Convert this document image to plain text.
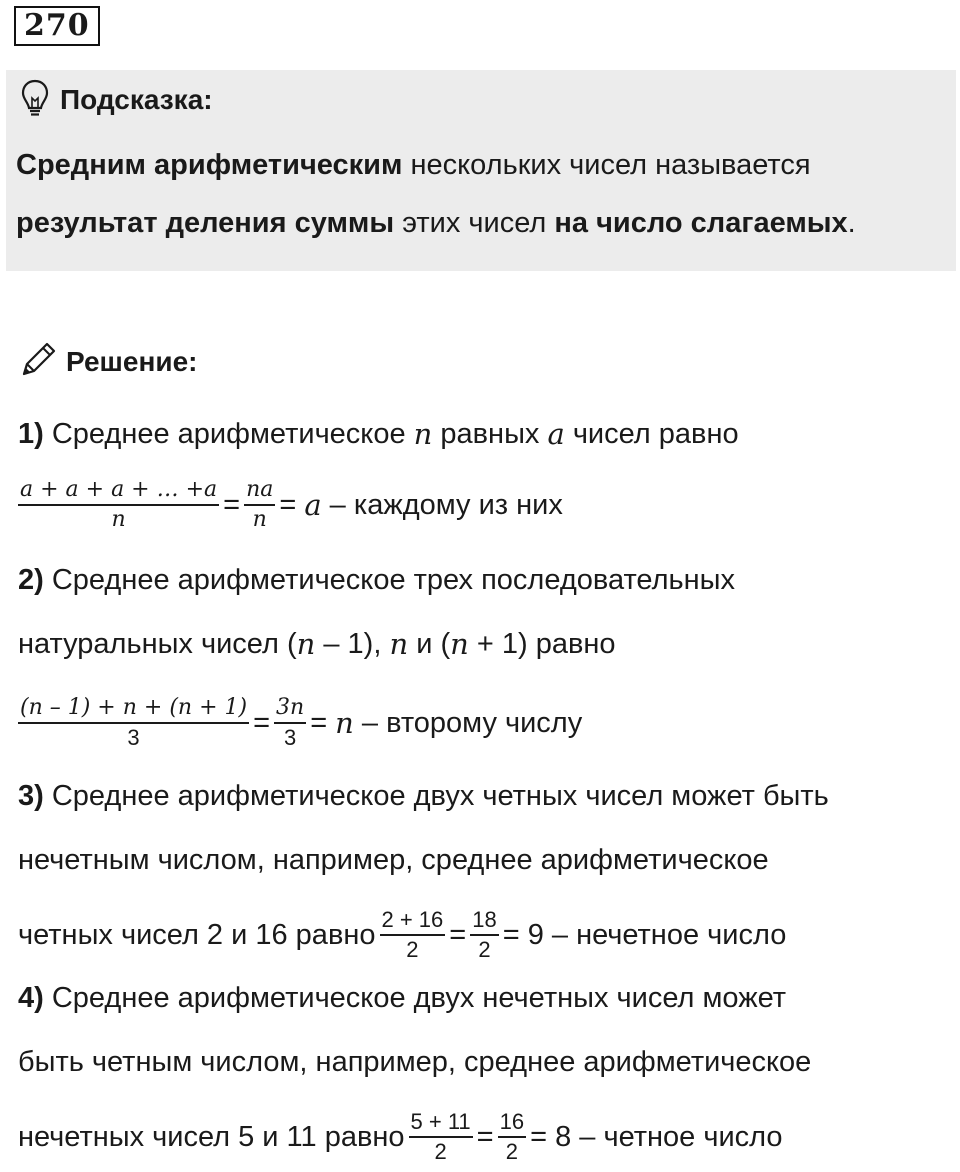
270
Подсказка:
Средним арифметическим нескольких чисел называется
результат деления суммы этих чисел на число слагаемых.
Решение:
1) Среднее арифметическое n равных a чисел равно
$\frac{a + a + a + \dots +a}{n} = \frac{na}{n} = a$ – каждому из них
2) Среднее арифметическое трех последовательных
натуральных чисел ( n – 1), n и ( n + 1) равно
$\frac{(n - 1) + n + (n + 1)}{3} = \frac{3n}{3} = n$ – второму числу
3) Среднее арифметическое двух четных чисел может быть
нечетным числом, например, среднее арифметическое
четных чисел 2 и 16 равно $\frac{2 + 16}{2} = \frac{18}{2} = 9$ – нечетное число
4) Среднее арифметическое двух нечетных чисел может
быть четным числом, например, среднее арифметическое
нечетных чисел 5 и 11 равно $\frac{5 + 11}{2} = \frac{16}{2} = 8$ – четное число
